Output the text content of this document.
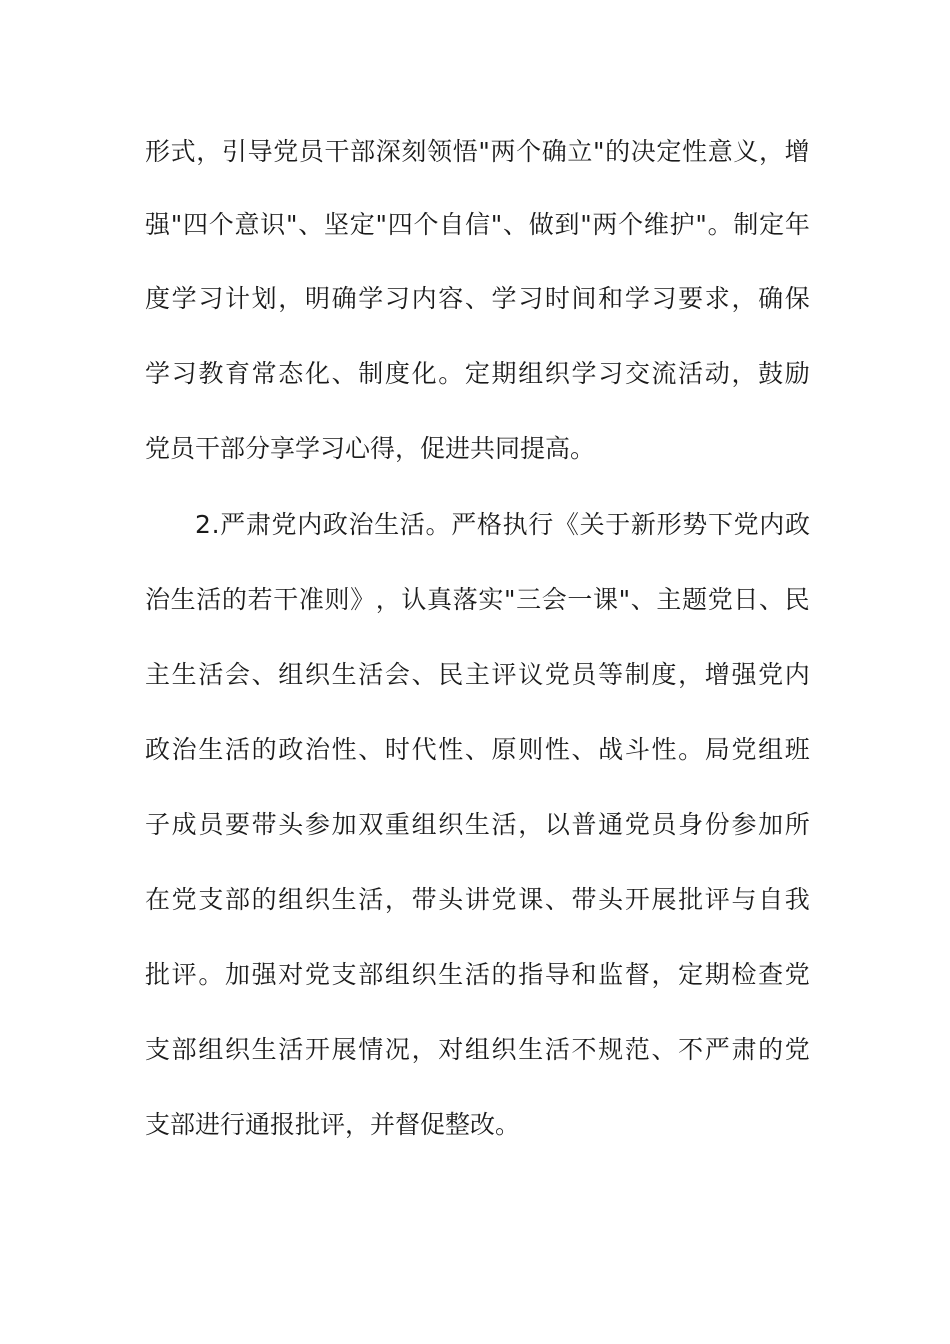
形 式 ， 引 导 党 员 干 部 深 刻 领 悟 " 两 个 确 立 " 的 决 定 性 意 义 ， 增
强 " 四 个 意 识 " 、 坚 定 " 四 个 自 信 " 、 做 到 " 两 个 维 护 " 。 制 定 年
度 学 习 计 划 ， 明 确 学 习 内 容 、 学 习 时 间 和 学 习 要 求 ， 确 保
学 习 教 育 常 态 化 、 制 度 化 。 定 期 组 织 学 习 交 流 活 动 ， 鼓 励
党员干部分享学习心得，促进共同提高。
2 . 严 肃 党 内 政 治 生 活 。 严 格 执 行 《 关 于 新 形 势 下 党 内 政
治 生 活 的 若 干 准 则 》 ， 认 真 落 实 " 三 会 一 课 " 、 主 题 党 日 、 民
主 生 活 会 、 组 织 生 活 会 、 民 主 评 议 党 员 等 制 度 ， 增 强 党 内
政 治 生 活 的 政 治 性 、 时 代 性 、 原 则 性 、 战 斗 性 。 局 党 组 班
子 成 员 要 带 头 参 加 双 重 组 织 生 活 ， 以 普 通 党 员 身 份 参 加 所
在 党 支 部 的 组 织 生 活 ， 带 头 讲 党 课 、 带 头 开 展 批 评 与 自 我
批 评 。 加 强 对 党 支 部 组 织 生 活 的 指 导 和 监 督 ， 定 期 检 查 党
支 部 组 织 生 活 开 展 情 况 ， 对 组 织 生 活 不 规 范 、 不 严 肃 的 党
支部进行通报批评，并督促整改。
